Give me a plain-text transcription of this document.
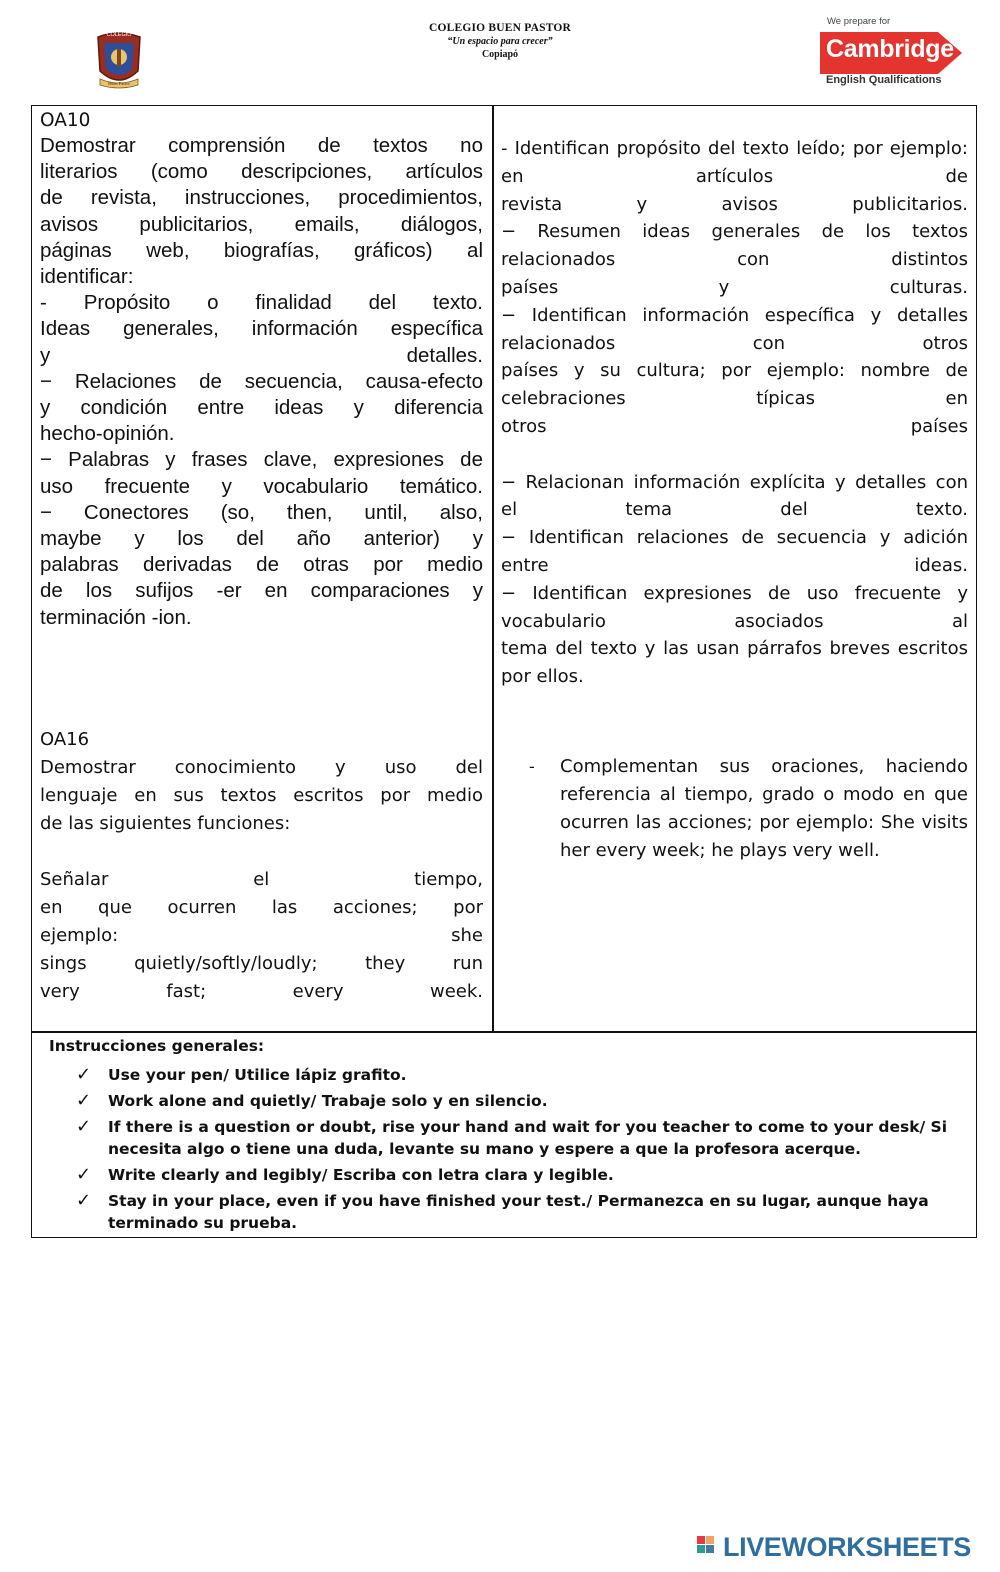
COLEGIO
Buen Pastor
COLEGIO BUEN PASTOR
“Un espacio para crecer”
Copiapó
We prepare for
Cambridge
English Qualifications
OA10
Demostrar comprensión de textos no
literarios (como descripciones, artículos
de revista, instrucciones, procedimientos,
avisos publicitarios, emails, diálogos,
páginas web, biografías, gráficos) al
identificar:
- Propósito o finalidad del texto.
Ideas generales, información específica
y detalles.
− Relaciones de secuencia, causa-efecto
y condición entre ideas y diferencia
hecho-opinión.
− Palabras y frases clave, expresiones de
uso frecuente y vocabulario temático.
− Conectores (so, then, until, also,
maybe y los del año anterior) y
palabras derivadas de otras por medio
de los sufijos -er en comparaciones y
terminación -ion.
- Identifican propósito del texto leído; por ejemplo:
en artículos de
revista y avisos publicitarios.
− Resumen ideas generales de los textos
relacionados con distintos
países y culturas.
− Identifican información específica y detalles
relacionados con otros
países y su cultura; por ejemplo: nombre de
celebraciones típicas en
otros países

− Relacionan información explícita y detalles con
el tema del texto.
− Identifican relaciones de secuencia y adición
entre ideas.
− Identifican expresiones de uso frecuente y
vocabulario asociados al
tema del texto y las usan párrafos breves escritos
por ellos.
OA16
Demostrar conocimiento y uso del
lenguaje en sus textos escritos por medio
de las siguientes funciones:

Señalar el tiempo,
en que ocurren las acciones; por
ejemplo: she
sings quietly/softly/loudly; they run
very fast; every week.
- Complementan sus oraciones, haciendo
referencia al tiempo, grado o modo en que
ocurren las acciones; por ejemplo: She visits
her every week; he plays very well.
Instrucciones generales:
✓ Use your pen/ Utilice lápiz grafito.
✓ Work alone and quietly/ Trabaje solo y en silencio.
✓ If there is a question or doubt, rise your hand and wait for you teacher to come to your desk/ Si necesita algo o tiene una duda, levante su mano y espere a que la profesora acerque.
✓ Write clearly and legibly/ Escriba con letra clara y legible.
✓ Stay in your place, even if you have finished your test./ Permanezca en su lugar, aunque haya terminado su prueba.
LIVEWORKSHEETS
